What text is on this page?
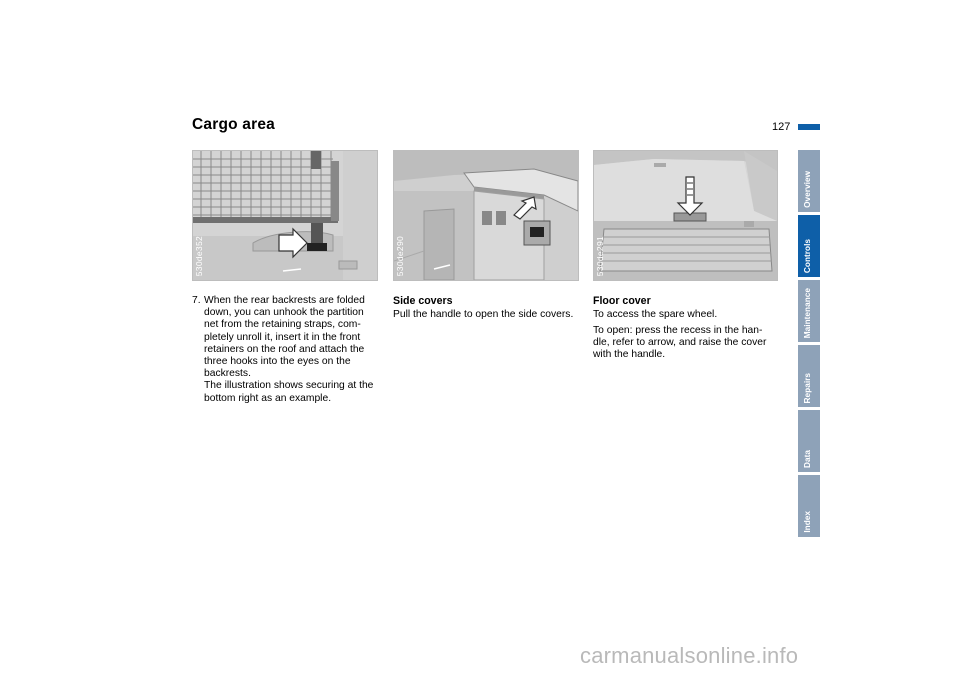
Cargo area	127
530de352	530de290	530de291
7. When the rear backrests are folded
down, you can unhook the partition
net from the retaining straps, com-
pletely unroll it, insert it in the front
retainers on the roof and attach the
three hooks into the eyes on the
backrests.
The illustration shows securing at the
bottom right as an example.
Side covers
Pull the handle to open the side covers.
Floor cover
To access the spare wheel.
To open: press the recess in the han-
dle, refer to arrow, and raise the cover
with the handle.
Overview
Controls
Maintenance
Repairs
Data
Index
carmanualsonline.info
